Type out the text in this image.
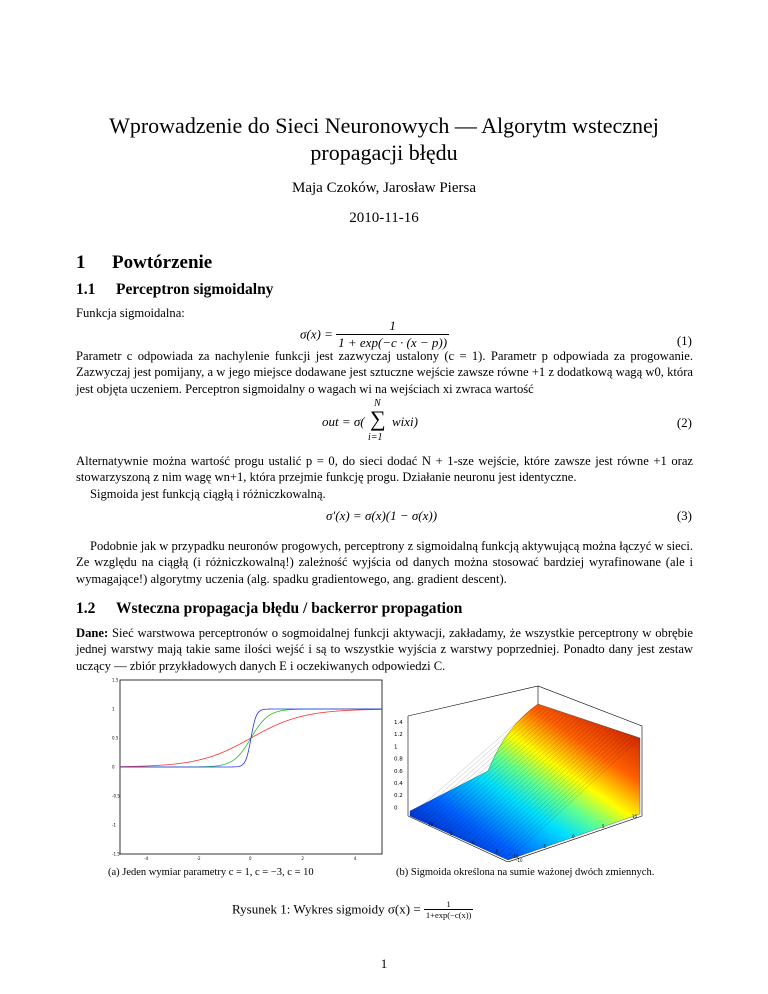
Wprowadzenie do Sieci Neuronowych — Algorytm wstecznej
propagacji błędu
Maja Czoków, Jarosław Piersa
2010-11-16
1 Powtórzenie
1.1 Perceptron sigmoidalny
Funkcja sigmoidalna:
$\sigma(x) = \frac{1}{1 + \exp(-c \cdot (x - p))}$	(1)
Parametr c odpowiada za nachylenie funkcji jest zazwyczaj ustalony (c = 1). Parametr p odpowiada za progowanie. Zazwyczaj jest pomijany, a w jego miejsce dodawane jest sztuczne wejście zawsze równe +1 z dodatkową wagą w0, która jest objęta uczeniem. Perceptron sigmoidalny o wagach wi na wejściach xi zwraca wartość
out = σ(
N
∑
i=1
wixi)	(2)
Alternatywnie można wartość progu ustalić p = 0, do sieci dodać N + 1-sze wejście, które zawsze jest równe +1 oraz stowarzyszoną z nim wagę wn+1, która przejmie funkcję progu. Działanie neuronu jest identyczne.
Sigmoida jest funkcją ciągłą i różniczkowalną.
σ′(x) = σ(x)(1 − σ(x))	(3)
Podobnie jak w przypadku neuronów progowych, perceptrony z sigmoidalną funkcją aktywującą można łączyć w sieci. Ze względu na ciągłą (i różniczkowalną!) zależność wyjścia od danych można stosować bardziej wyrafinowane (ale i wymagające!) algorytmy uczenia (alg. spadku gradientowego, ang. gradient descent).
1.2 Wsteczna propagacja błędu / backerror propagation
Dane: Sieć warstwowa perceptronów o sogmoidalnej funkcji aktywacji, zakładamy, że wszystkie perceptrony w obrębie jednej warstwy mają takie same ilości wejść i są to wszystkie wyjścia z warstwy poprzedniej. Ponadto dany jest zestaw uczący — zbiór przykładowych danych E i oczekiwanych odpowiedzi C.
1.5
1
0.5
0
-0.5
-1
-1.5
-4	-2	0	2	4
(a) Jeden wymiar parametry c = 1, c = −3, c = 10
1.4
1.2
1
0.8
0.6
0.4
0.2
0
10
5
0
-5
-10
-10
-5
0
5
10
(b) Sigmoida określona na sumie ważonej dwóch zmiennych.
Rysunek 1: Wykres sigmoidy $\sigma(x) = \frac{1}{1+\exp(-c(x))}$
1
